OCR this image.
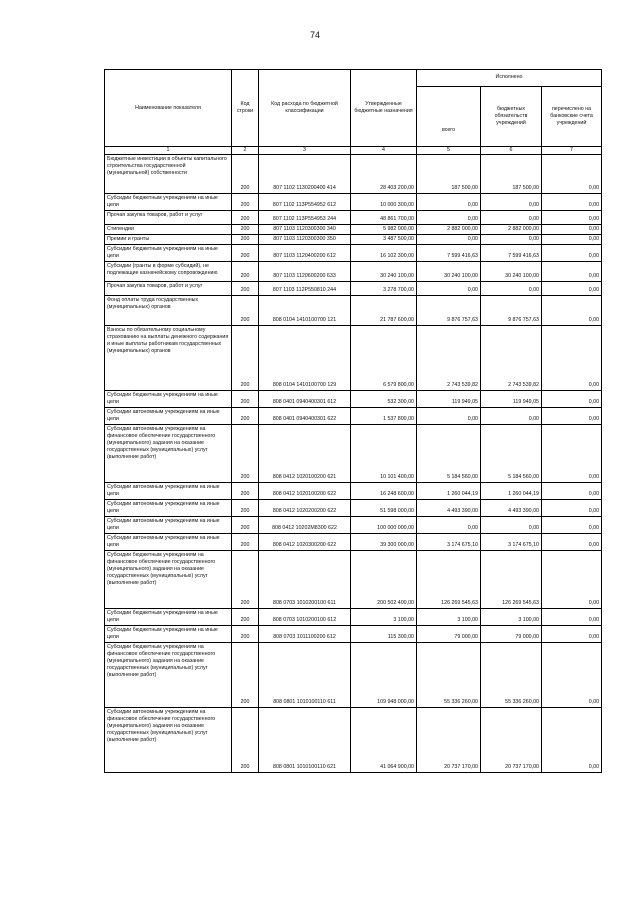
74
Наименование показателя	Код строки	Код расхода по бюджетной классификации	Утвержденные бюджетные назначения	Исполнено		
				всего	бюджетных обязательств учреждений	перечислено на банковские счета учреждений
1	2	3	4	5	6	7
Бюджетные инвестиции в объекты капитального строительства государственной (муниципальной) собственности	200	807 1102 1130200400 414	28 403 200,00	187 500,00	187 500,00	0,00
Субсидии бюджетным учреждениям на иные цели	200	807 1102 113Р554952 612	10 000 300,00	0,00	0,00	0,00
Прочая закупка товаров, работ и услуг	200	807 1102 113Р554953 244	48 861 700,00	0,00	0,00	0,00
Стипендии	200	807 1103 1120300300 340	5 982 000,00	2 882 000,00	2 882 000,00	0,00
Премии и гранты	200	807 1103 1120300300 350	3 487 500,00	0,00	0,00	0,00
Субсидии бюджетным учреждениям на иные цели	200	807 1103 1120400200 612	16 102 300,00	7 599 416,63	7 599 416,63	0,00
Субсидии (гранты в форме субсидий), не подлежащие казначейскому сопровождению	200	807 1103 1120600200 633	30 240 100,00	30 240 100,00	30 240 100,00	0,00
Прочая закупка товаров, работ и услуг	200	807 1103 112Р550810 244	3 278 700,00	0,00	0,00	0,00
Фонд оплаты труда государственных (муниципальных) органов	200	808 0104 1410100700 121	21 787 600,00	9 876 757,63	9 876 757,63	0,00
Взносы по обязательному социальному страхованию на выплаты денежного содержания и иные выплаты работникам государственных (муниципальных) органов	200	808 0104 1410100700 129	6 579 800,00	2 743 539,82	2 743 539,82	0,00
Субсидии бюджетным учреждениям на иные цели	200	808 0401 0940400301 612	532 300,00	119 949,05	119 949,05	0,00
Субсидии автономным учреждениям на иные цели	200	808 0401 0940400301 622	1 537 800,00	0,00	0,00	0,00
Субсидии автономным учреждениям на финансовое обеспечение государственного (муниципального) задания на оказание государственных (муниципальных) услуг (выполнение работ)	200	808 0412 1020100200 621	10 101 400,00	5 184 560,00	5 184 560,00	0,00
Субсидии автономным учреждениям на иные цели	200	808 0412 1020100200 622	16 248 600,00	1 260 044,19	1 260 044,19	0,00
Субсидии автономным учреждениям на иные цели	200	808 0412 1020200200 622	51 598 000,00	4 493 390,00	4 493 390,00	0,00
Субсидии автономным учреждениям на иные цели	200	808 0412 10202М8300 622	100 000 000,00	0,00	0,00	0,00
Субсидии автономным учреждениям на иные цели	200	808 0412 1020300200 622	39 300 000,00	3 174 675,10	3 174 675,10	0,00
Субсидии бюджетным учреждениям на финансовое обеспечение государственного (муниципального) задания на оказание государственных (муниципальных) услуг (выполнение работ)	200	808 0703 1010200100 611	200 502 400,00	126 269 545,63	126 269 545,63	0,00
Субсидии бюджетным учреждениям на иные цели	200	808 0703 1010200100 612	3 100,00	3 100,00	3 100,00	0,00
Субсидии бюджетным учреждениям на иные цели	200	808 0703 1011100200 612	115 300,00	79 000,00	79 000,00	0,00
Субсидии бюджетным учреждениям на финансовое обеспечение государственного (муниципального) задания на оказание государственных (муниципальных) услуг (выполнение работ)	200	808 0801 1010100110 611	109 948 000,00	55 336 260,00	55 336 260,00	0,00
Субсидии автономным учреждениям на финансовое обеспечение государственного (муниципального) задания на оказание государственных (муниципальных) услуг (выполнение работ)	200	808 0801 1010100110 621	41 064 900,00	20 737 170,00	20 737 170,00	0,00
